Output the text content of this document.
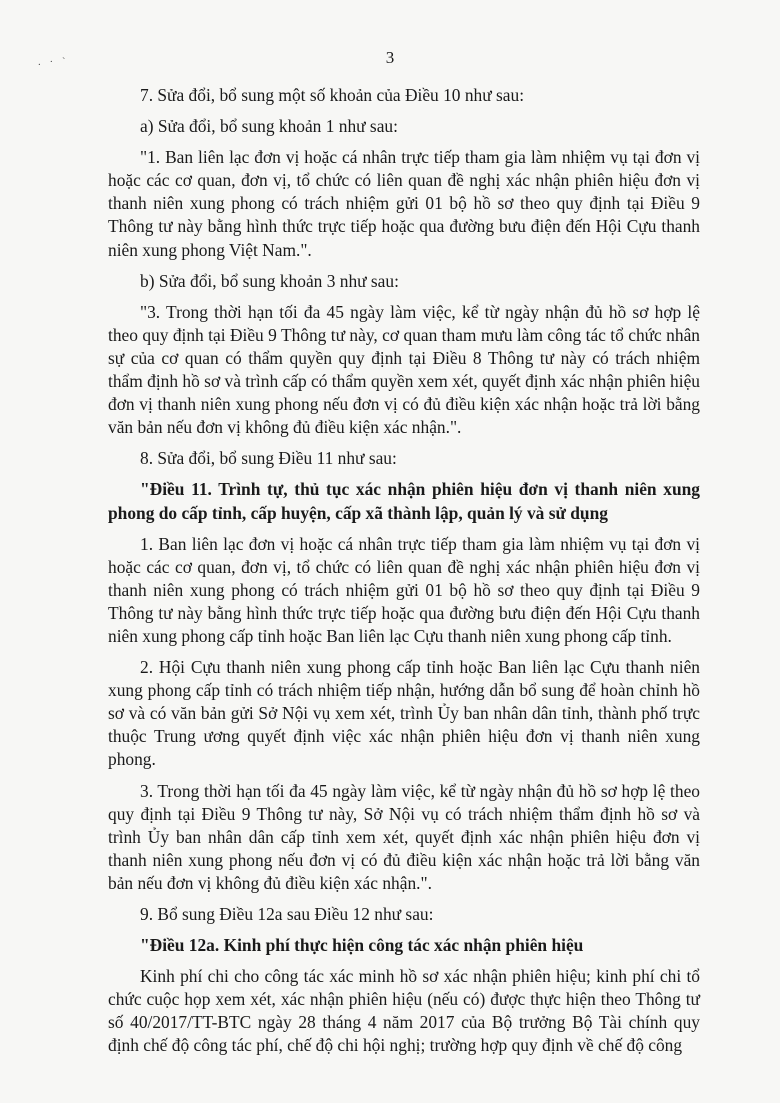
. · `	3

7. Sửa đổi, bổ sung một số khoản của Điều 10 như sau:

a) Sửa đổi, bổ sung khoản 1 như sau:

"1. Ban liên lạc đơn vị hoặc cá nhân trực tiếp tham gia làm nhiệm vụ tại đơn vị hoặc các cơ quan, đơn vị, tổ chức có liên quan đề nghị xác nhận phiên hiệu đơn vị thanh niên xung phong có trách nhiệm gửi 01 bộ hồ sơ theo quy định tại Điều 9 Thông tư này bằng hình thức trực tiếp hoặc qua đường bưu điện đến Hội Cựu thanh niên xung phong Việt Nam.".

b) Sửa đổi, bổ sung khoản 3 như sau:

"3. Trong thời hạn tối đa 45 ngày làm việc, kể từ ngày nhận đủ hồ sơ hợp lệ theo quy định tại Điều 9 Thông tư này, cơ quan tham mưu làm công tác tổ chức nhân sự của cơ quan có thẩm quyền quy định tại Điều 8 Thông tư này có trách nhiệm thẩm định hồ sơ và trình cấp có thẩm quyền xem xét, quyết định xác nhận phiên hiệu đơn vị thanh niên xung phong nếu đơn vị có đủ điều kiện xác nhận hoặc trả lời bằng văn bản nếu đơn vị không đủ điều kiện xác nhận.".

8. Sửa đổi, bổ sung Điều 11 như sau:

"Điều 11. Trình tự, thủ tục xác nhận phiên hiệu đơn vị thanh niên xung phong do cấp tỉnh, cấp huyện, cấp xã thành lập, quản lý và sử dụng

1. Ban liên lạc đơn vị hoặc cá nhân trực tiếp tham gia làm nhiệm vụ tại đơn vị hoặc các cơ quan, đơn vị, tổ chức có liên quan đề nghị xác nhận phiên hiệu đơn vị thanh niên xung phong có trách nhiệm gửi 01 bộ hồ sơ theo quy định tại Điều 9 Thông tư này bằng hình thức trực tiếp hoặc qua đường bưu điện đến Hội Cựu thanh niên xung phong cấp tỉnh hoặc Ban liên lạc Cựu thanh niên xung phong cấp tỉnh.

2. Hội Cựu thanh niên xung phong cấp tỉnh hoặc Ban liên lạc Cựu thanh niên xung phong cấp tỉnh có trách nhiệm tiếp nhận, hướng dẫn bổ sung để hoàn chỉnh hồ sơ và có văn bản gửi Sở Nội vụ xem xét, trình Ủy ban nhân dân tỉnh, thành phố trực thuộc Trung ương quyết định việc xác nhận phiên hiệu đơn vị thanh niên xung phong.

3. Trong thời hạn tối đa 45 ngày làm việc, kể từ ngày nhận đủ hồ sơ hợp lệ theo quy định tại Điều 9 Thông tư này, Sở Nội vụ có trách nhiệm thẩm định hồ sơ và trình Ủy ban nhân dân cấp tỉnh xem xét, quyết định xác nhận phiên hiệu đơn vị thanh niên xung phong nếu đơn vị có đủ điều kiện xác nhận hoặc trả lời bằng văn bản nếu đơn vị không đủ điều kiện xác nhận.".

9. Bổ sung Điều 12a sau Điều 12 như sau:

"Điều 12a. Kinh phí thực hiện công tác xác nhận phiên hiệu

Kinh phí chi cho công tác xác minh hồ sơ xác nhận phiên hiệu; kinh phí chi tổ chức cuộc họp xem xét, xác nhận phiên hiệu (nếu có) được thực hiện theo Thông tư số 40/2017/TT-BTC ngày 28 tháng 4 năm 2017 của Bộ trưởng Bộ Tài chính quy định chế độ công tác phí, chế độ chi hội nghị; trường hợp quy định về chế độ công
